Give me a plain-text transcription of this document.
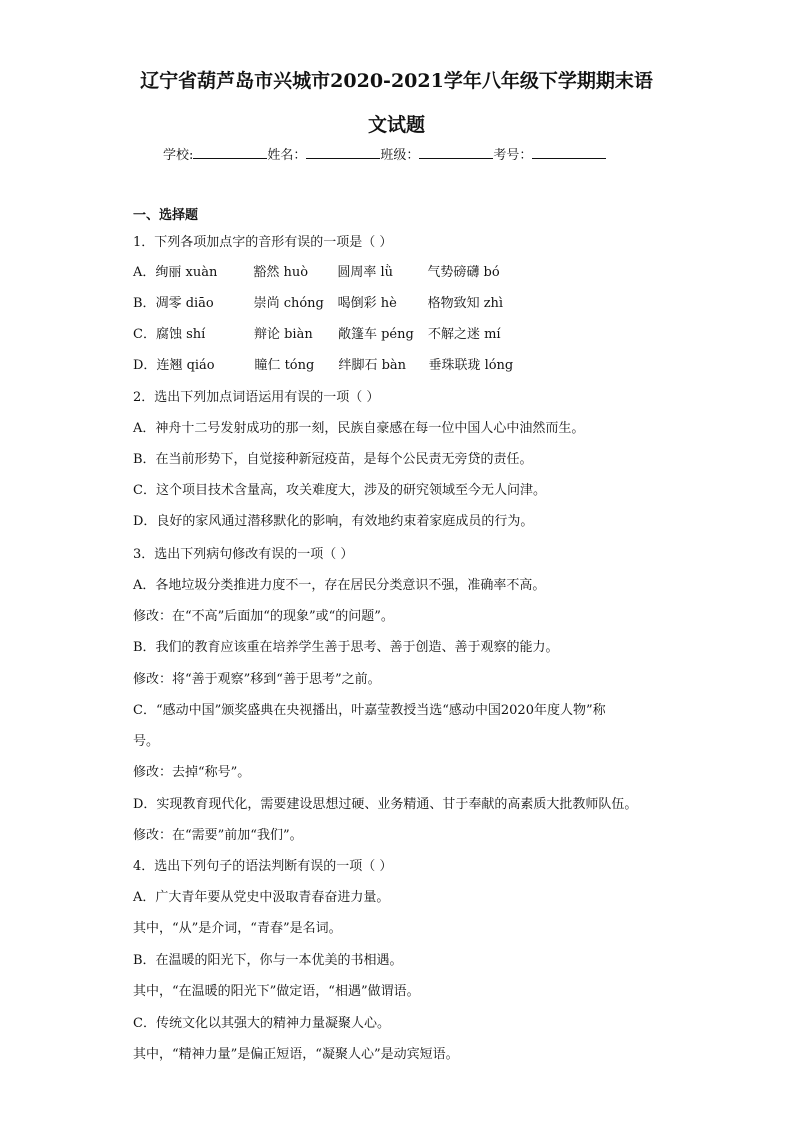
辽宁省葫芦岛市兴城市2020-2021学年八年级下学期期末语
文试题
学校:	姓名：	班级：	考号：
一、选择题
1．下列各项加点字的音形有误的一项是（ ）
A．绚丽 xuàn	豁然 huò 圆周率 lǜ	气势磅礴 bó
B．凋零 diāo	崇尚 chóng 喝倒彩 hè 格物致知 zhì
C．腐蚀 shí	辩论 biàn 敞篷车 péng 不解之迷 mí
D．连翘 qiáo	瞳仁 tóng 绊脚石 bàn 垂珠联珑 lóng
2．选出下列加点词语运用有误的一项（ ）
A．神舟十二号发射成功的那一刻，民族自豪感在每一位中国人心中油然而生。
B．在当前形势下，自觉接种新冠疫苗，是每个公民责无旁贷的责任。
C．这个项目技术含量高，攻关难度大，涉及的研究领域至今无人问津。
D．良好的家风通过潜移默化的影响，有效地约束着家庭成员的行为。
3．选出下列病句修改有误的一项（ ）
A．各地垃圾分类推进力度不一，存在居民分类意识不强，准确率不高。
修改：在“不高”后面加“的现象”或“的问题”。
B．我们的教育应该重在培养学生善于思考、善于创造、善于观察的能力。
修改：将“善于观察”移到“善于思考”之前。
C．“感动中国”颁奖盛典在央视播出，叶嘉莹教授当选“感动中国2020年度人物”称
号。
修改：去掉“称号”。
D．实现教育现代化，需要建设思想过硬、业务精通、甘于奉献的高素质大批教师队伍。
修改：在“需要”前加“我们”。
4．选出下列句子的语法判断有误的一项（ ）
A．广大青年要从党史中汲取青春奋进力量。
其中，“从”是介词，“青春”是名词。
B．在温暖的阳光下，你与一本优美的书相遇。
其中，“在温暖的阳光下”做定语，“相遇”做谓语。
C．传统文化以其强大的精神力量凝聚人心。
其中，“精神力量”是偏正短语，“凝聚人心”是动宾短语。
